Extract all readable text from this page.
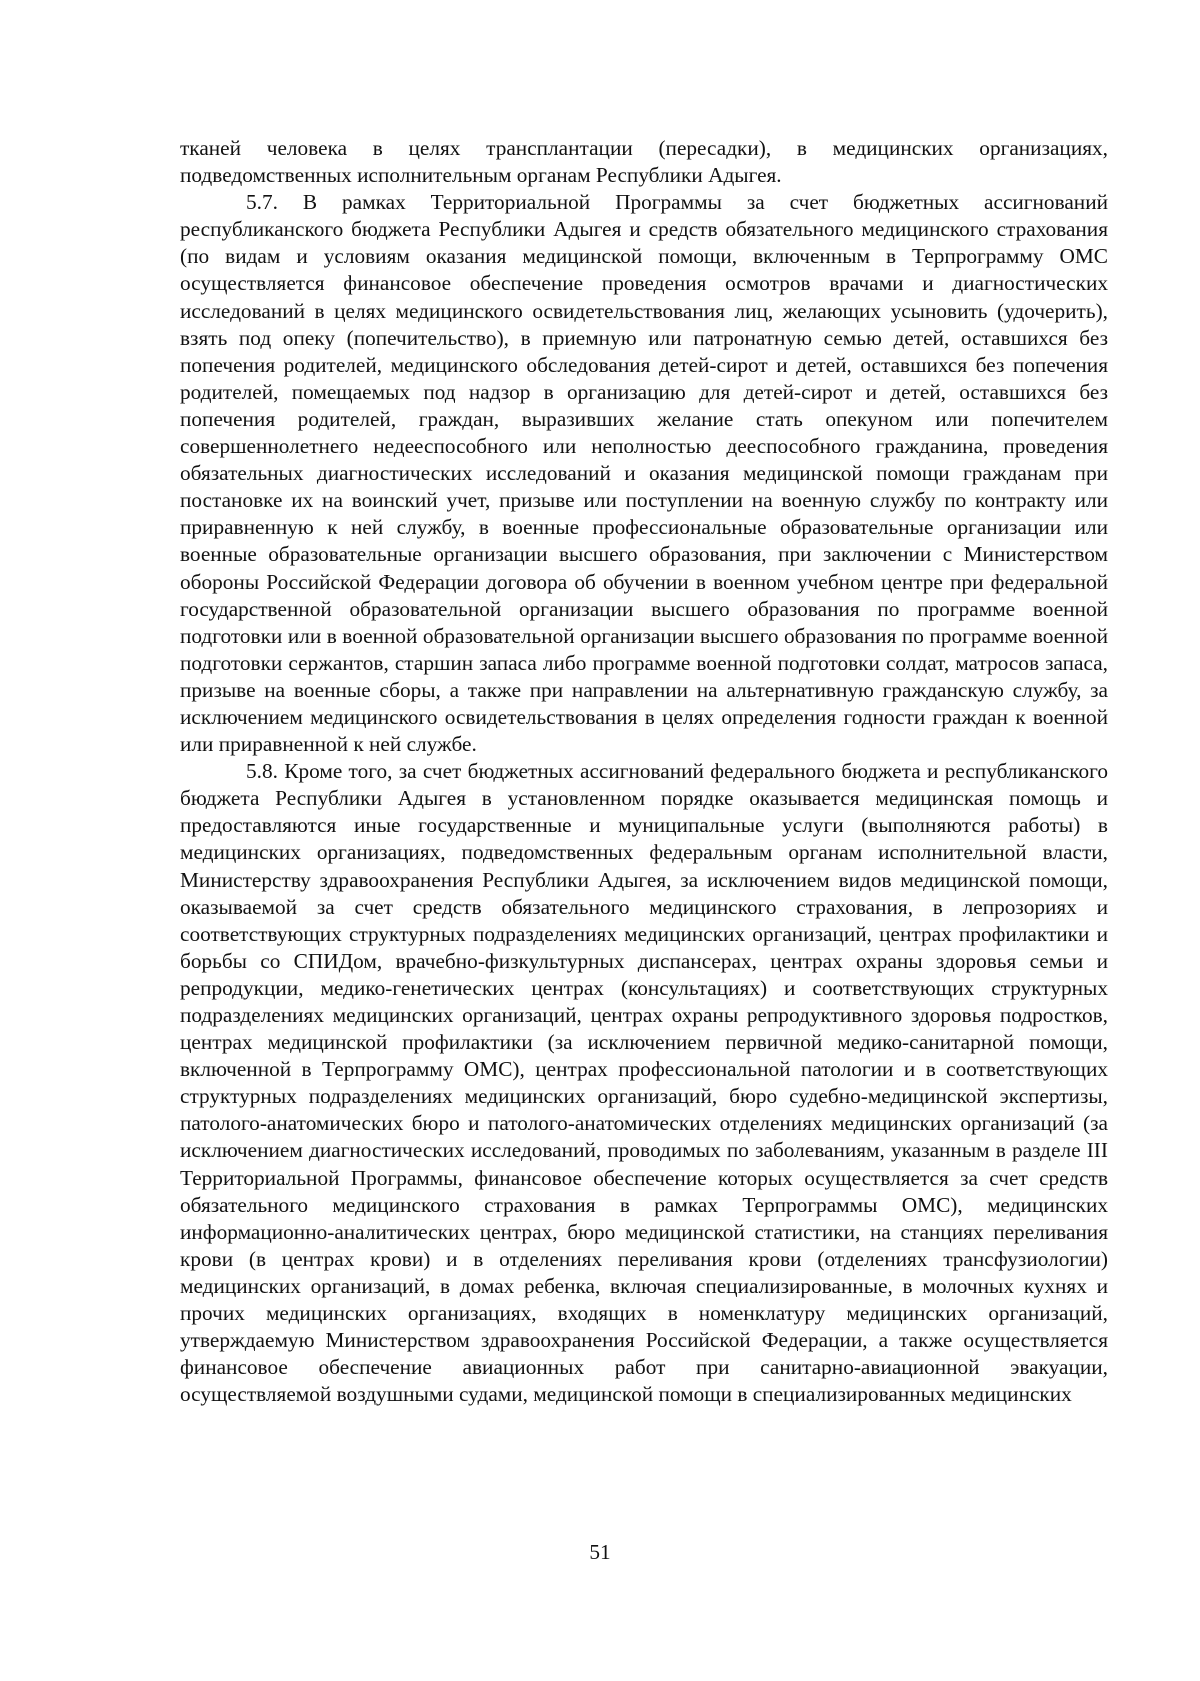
тканей человека в целях трансплантации (пересадки), в медицинских организациях, подведомственных исполнительным органам Республики Адыгея.

5.7. В рамках Территориальной Программы за счет бюджетных ассигнований республиканского бюджета Республики Адыгея и средств обязательного медицинского страхования (по видам и условиям оказания медицинской помощи, включенным в Терпрограмму ОМС осуществляется финансовое обеспечение проведения осмотров врачами и диагностических исследований в целях медицинского освидетельствования лиц, желающих усыновить (удочерить), взять под опеку (попечительство), в приемную или патронатную семью детей, оставшихся без попечения родителей, медицинского обследования детей-сирот и детей, оставшихся без попечения родителей, помещаемых под надзор в организацию для детей-сирот и детей, оставшихся без попечения родителей, граждан, выразивших желание стать опекуном или попечителем совершеннолетнего недееспособного или неполностью дееспособного гражданина, проведения обязательных диагностических исследований и оказания медицинской помощи гражданам при постановке их на воинский учет, призыве или поступлении на военную службу по контракту или приравненную к ней службу, в военные профессиональные образовательные организации или военные образовательные организации высшего образования, при заключении с Министерством обороны Российской Федерации договора об обучении в военном учебном центре при федеральной государственной образовательной организации высшего образования по программе военной подготовки или в военной образовательной организации высшего образования по программе военной подготовки сержантов, старшин запаса либо программе военной подготовки солдат, матросов запаса, призыве на военные сборы, а также при направлении на альтернативную гражданскую службу, за исключением медицинского освидетельствования в целях определения годности граждан к военной или приравненной к ней службе.

5.8. Кроме того, за счет бюджетных ассигнований федерального бюджета и республиканского бюджета Республики Адыгея в установленном порядке оказывается медицинская помощь и предоставляются иные государственные и муниципальные услуги (выполняются работы) в медицинских организациях, подведомственных федеральным органам исполнительной власти, Министерству здравоохранения Республики Адыгея, за исключением видов медицинской помощи, оказываемой за счет средств обязательного медицинского страхования, в лепрозориях и соответствующих структурных подразделениях медицинских организаций, центрах профилактики и борьбы со СПИДом, врачебно-физкультурных диспансерах, центрах охраны здоровья семьи и репродукции, медико-генетических центрах (консультациях) и соответствующих структурных подразделениях медицинских организаций, центрах охраны репродуктивного здоровья подростков, центрах медицинской профилактики (за исключением первичной медико-санитарной помощи, включенной в Терпрограмму ОМС), центрах профессиональной патологии и в соответствующих структурных подразделениях медицинских организаций, бюро судебно-медицинской экспертизы, патолого-анатомических бюро и патолого-анатомических отделениях медицинских организаций (за исключением диагностических исследований, проводимых по заболеваниям, указанным в разделе III Территориальной Программы, финансовое обеспечение которых осуществляется за счет средств обязательного медицинского страхования в рамках Терпрограммы ОМС), медицинских информационно-аналитических центрах, бюро медицинской статистики, на станциях переливания крови (в центрах крови) и в отделениях переливания крови (отделениях трансфузиологии) медицинских организаций, в домах ребенка, включая специализированные, в молочных кухнях и прочих медицинских организациях, входящих в номенклатуру медицинских организаций, утверждаемую Министерством здравоохранения Российской Федерации, а также осуществляется финансовое обеспечение авиационных работ при санитарно-авиационной эвакуации, осуществляемой воздушными судами, медицинской помощи в специализированных медицинских

51
